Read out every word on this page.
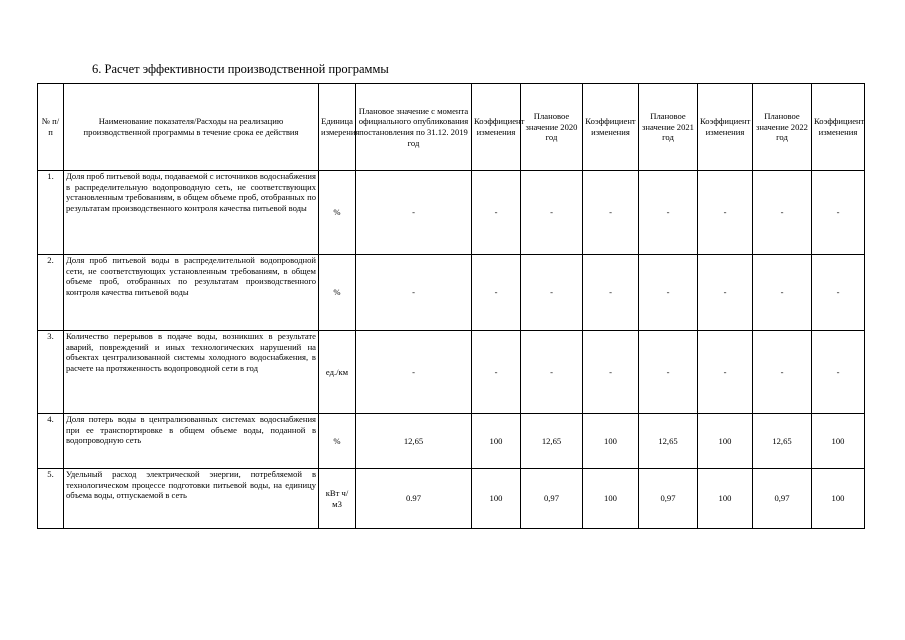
6. Расчет эффективности производственной программы
№ п/п	Наименование показателя/Расходы на реализацию производственной программы в течение срока ее действия	Единица измерения	Плановое значение с момента официального опубликования постановления по 31.12. 2019 год	Коэффициент изменения	Плановое значение 2020 год	Коэффициент изменения	Плановое значение 2021 год	Коэффициент изменения	Плановое значение 2022 год	Коэффициент изменения
1.	Доля проб питьевой воды, подаваемой с источников водоснабжения в распределительную водопроводную сеть, не соответствующих установленным требованиям, в общем объеме проб, отобранных по результатам производственного контроля качества питьевой воды	%	-	-	-	-	-	-	-	-
2.	Доля проб питьевой воды в распределительной водопроводной сети, не соответствующих установленным требованиям, в общем объеме проб, отобранных по результатам производственного контроля качества питьевой воды	%	-	-	-	-	-	-	-	-
3.	Количество перерывов в подаче воды, возникших в результате аварий, повреждений и иных технологических нарушений на объектах централизованной системы холодного водоснабжения, в расчете на протяженность водопроводной сети в год	ед./км	-	-	-	-	-	-	-	-
4.	Доля потерь воды в централизованных системах водоснабжения при ее транспортировке в общем объеме воды, поданной в водопроводную сеть	%	12,65	100	12,65	100	12,65	100	12,65	100
5.	Удельный расход электрической энергии, потребляемой в технологическом процессе подготовки питьевой воды, на единицу объема воды, отпускаемой в сеть	кВт ч/м3	0.97	100	0,97	100	0,97	100	0,97	100
